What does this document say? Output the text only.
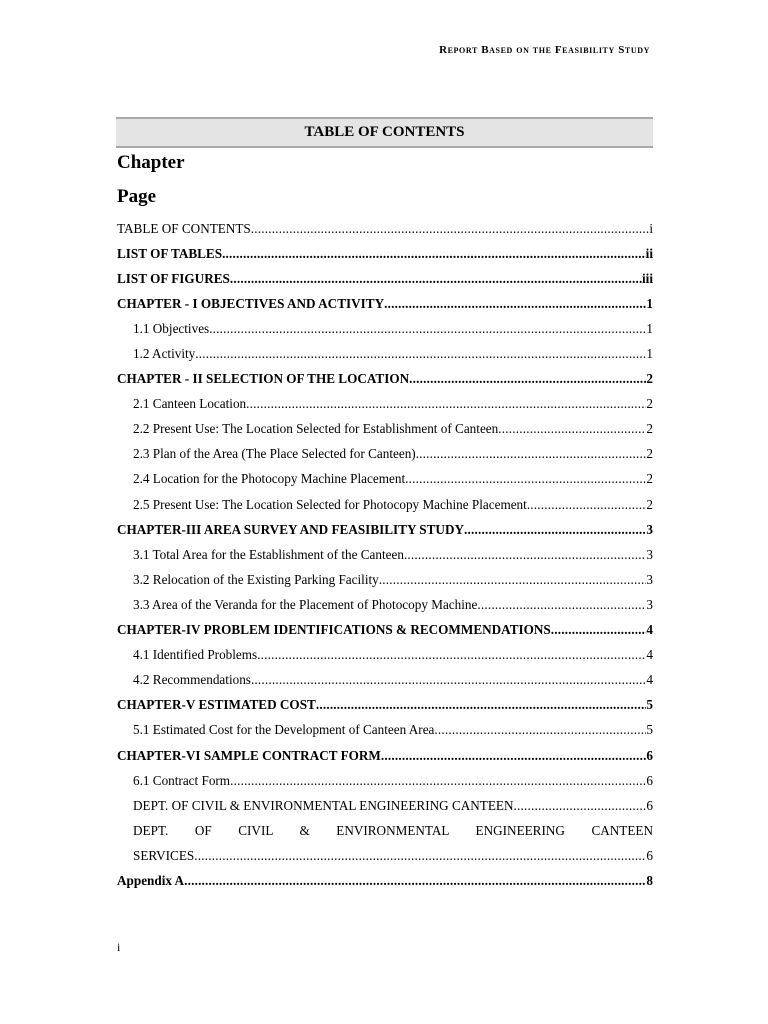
Report Based on the Feasibility Study
TABLE OF CONTENTS
Chapter
Page
TABLE OF CONTENTS .....	i
LIST OF TABLES .....	ii
LIST OF FIGURES .....	iii
CHAPTER - I OBJECTIVES AND ACTIVITY .....	1
1.1 Objectives .....	1
1.2 Activity .....	1
CHAPTER - II SELECTION OF THE LOCATION .....	2
2.1 Canteen Location .....	2
2.2 Present Use: The Location Selected for Establishment of Canteen .....	2
2.3 Plan of the Area (The Place Selected for Canteen) .....	2
2.4 Location for the Photocopy Machine Placement .....	2
2.5 Present Use: The Location Selected for Photocopy Machine Placement .....	2
CHAPTER-III AREA SURVEY AND FEASIBILITY STUDY .....	3
3.1 Total Area for the Establishment of the Canteen .....	3
3.2 Relocation of the Existing Parking Facility .....	3
3.3 Area of the Veranda for the Placement of Photocopy Machine .....	3
CHAPTER-IV PROBLEM IDENTIFICATIONS & RECOMMENDATIONS .....	4
4.1 Identified Problems .....	4
4.2 Recommendations .....	4
CHAPTER-V ESTIMATED COST .....	5
5.1 Estimated Cost for the Development of Canteen Area .....	5
CHAPTER-VI SAMPLE CONTRACT FORM .....	6
6.1 Contract Form .....	6
DEPT. OF CIVIL & ENVIRONMENTAL ENGINEERING CANTEEN .....	6
DEPT. OF CIVIL & ENVIRONMENTAL ENGINEERING CANTEEN
SERVICES .....	6
Appendix A .....	8
i
